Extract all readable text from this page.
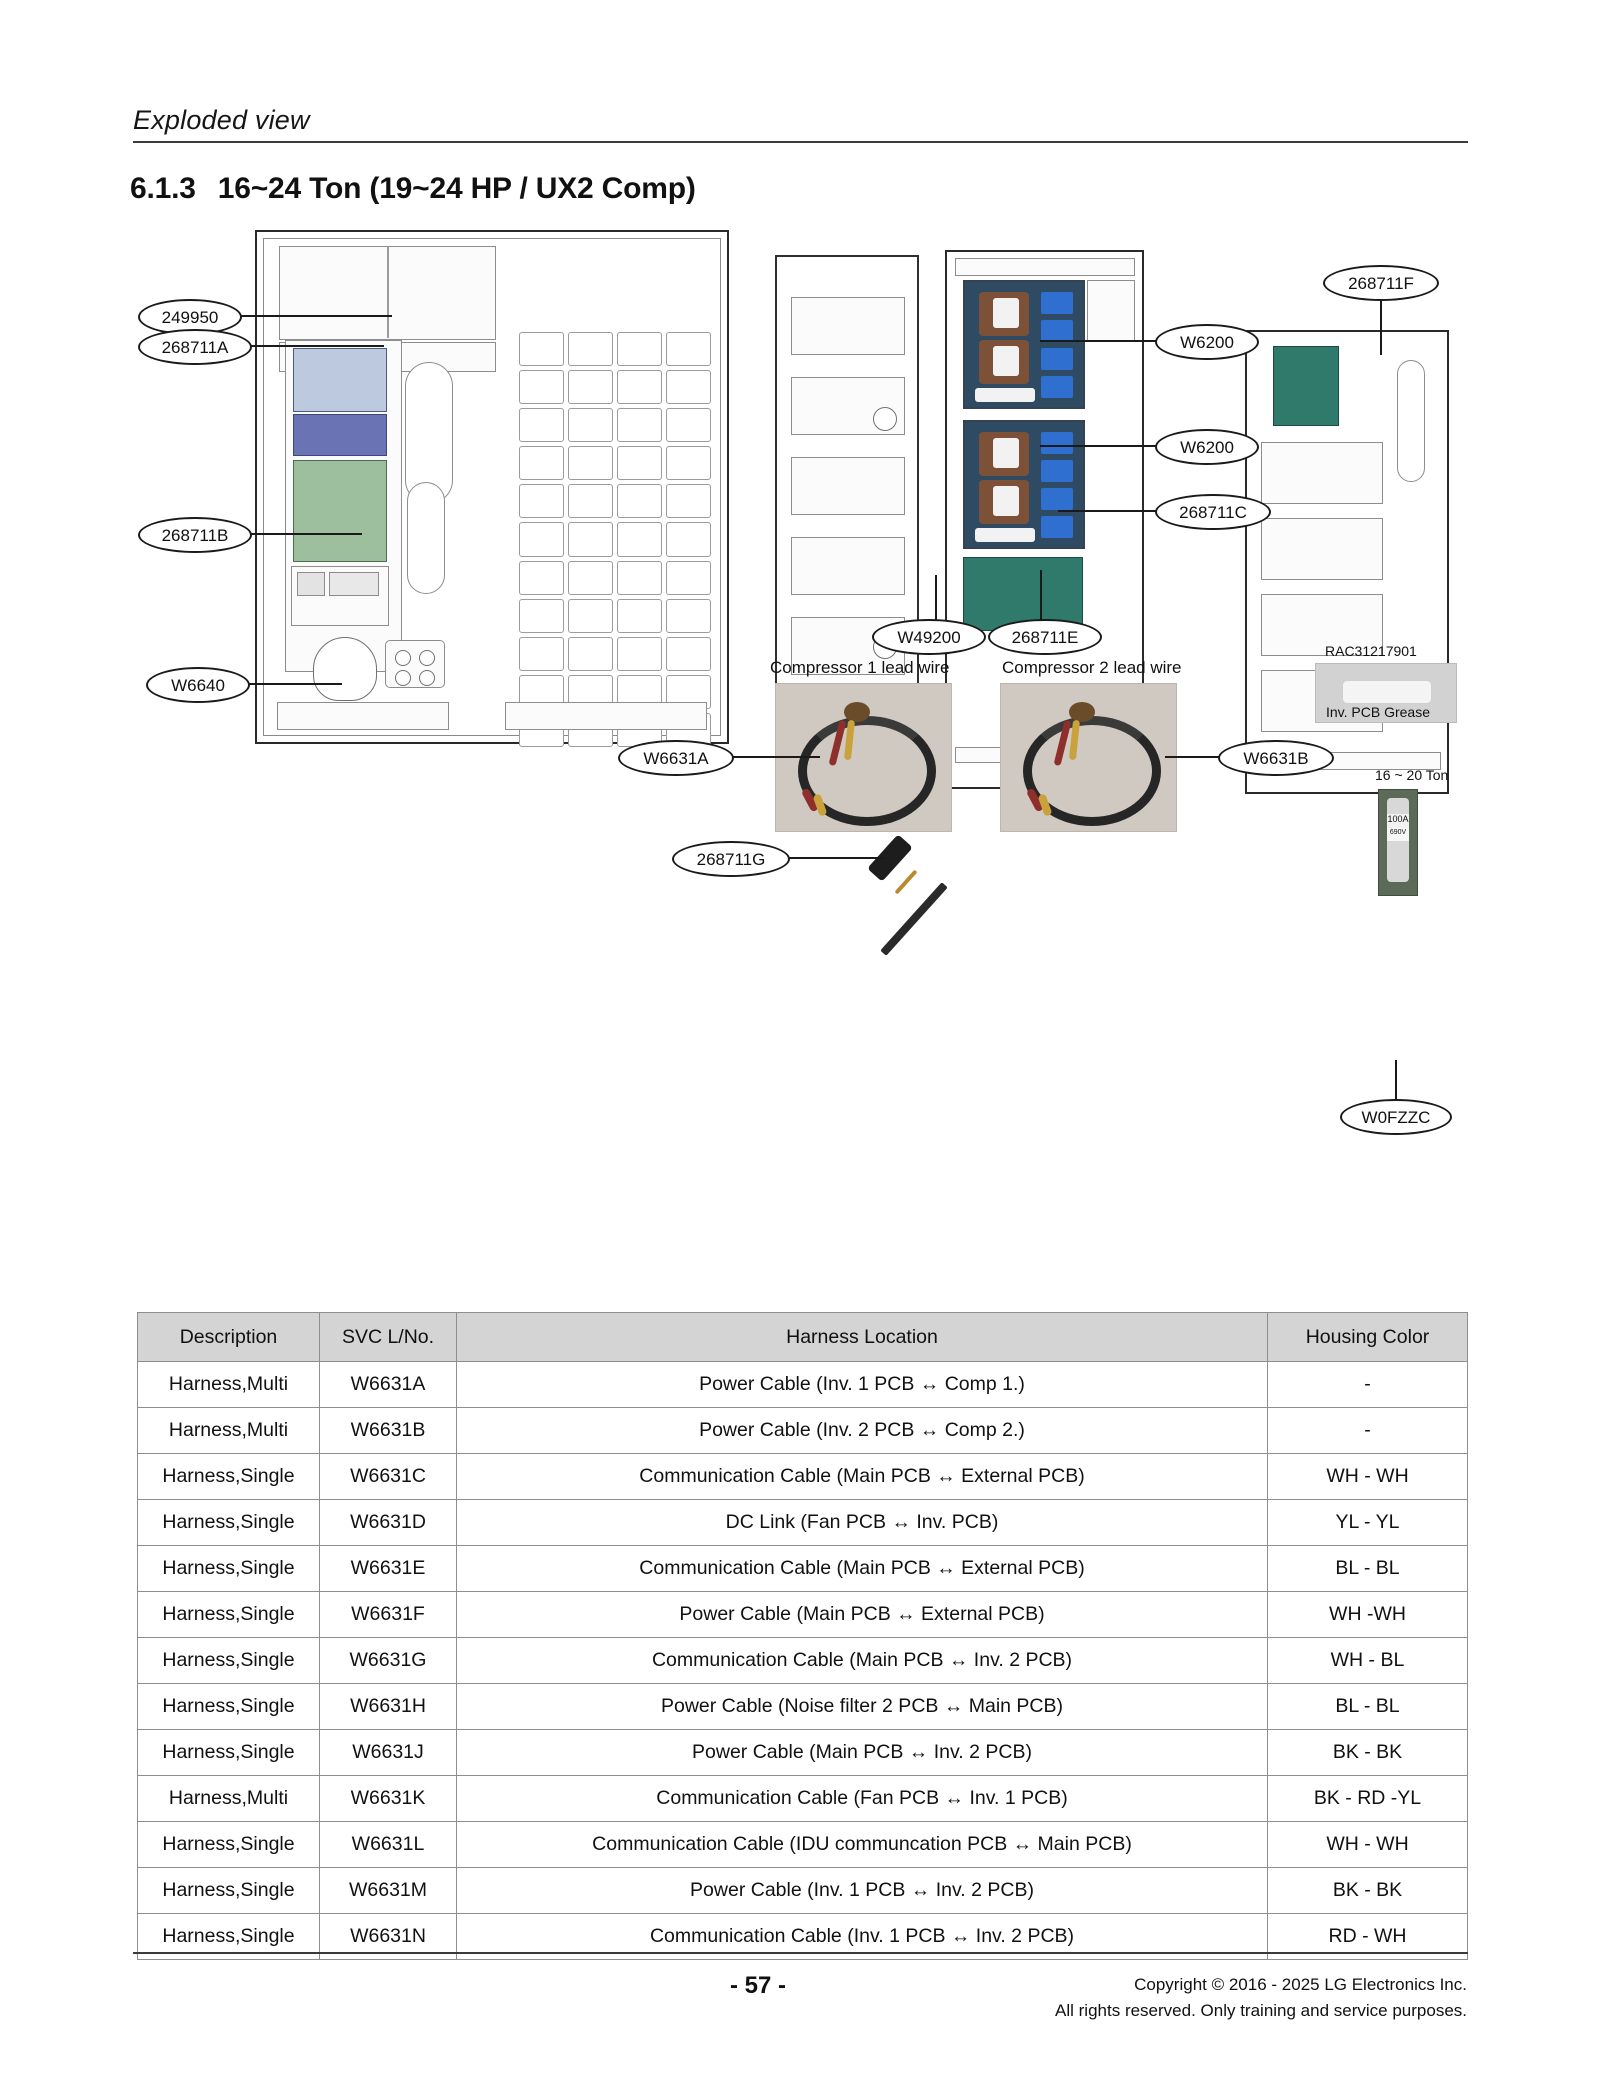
Exploded view
6.1.3 16~24 Ton (19~24 HP / UX2 Comp)
249950
268711A
268711B
W6640
W6200
W6200
268711C
268711F
W49200	268711E
W6631A	W6631B
268711G
W0FZZC
Compressor 1 lead wire	Compressor 2 lead wire
RAC31217901
Inv. PCB Grease
16 ~ 20 Ton
100A
690V
Description	SVC L/No.	Harness Location	Housing Color
Harness,Multi	W6631A	Power Cable (Inv. 1 PCB ↔ Comp 1.)	-
Harness,Multi	W6631B	Power Cable (Inv. 2 PCB ↔ Comp 2.)	-
Harness,Single	W6631C	Communication Cable (Main PCB ↔ External PCB)	WH - WH
Harness,Single	W6631D	DC Link (Fan PCB ↔ Inv. PCB)	YL - YL
Harness,Single	W6631E	Communication Cable (Main PCB ↔ External PCB)	BL - BL
Harness,Single	W6631F	Power Cable (Main PCB ↔ External PCB)	WH -WH
Harness,Single	W6631G	Communication Cable (Main PCB ↔ Inv. 2 PCB)	WH - BL
Harness,Single	W6631H	Power Cable (Noise filter 2 PCB ↔ Main PCB)	BL - BL
Harness,Single	W6631J	Power Cable (Main PCB ↔ Inv. 2 PCB)	BK - BK
Harness,Multi	W6631K	Communication Cable (Fan PCB ↔ Inv. 1 PCB)	BK - RD -YL
Harness,Single	W6631L	Communication Cable (IDU communcation PCB ↔ Main PCB)	WH - WH
Harness,Single	W6631M	Power Cable (Inv. 1 PCB ↔ Inv. 2 PCB)	BK - BK
Harness,Single	W6631N	Communication Cable (Inv. 1 PCB ↔ Inv. 2 PCB)	RD - WH
- 57 -	Copyright © 2016 - 2025 LG Electronics Inc.
All rights reserved. Only training and service purposes.
